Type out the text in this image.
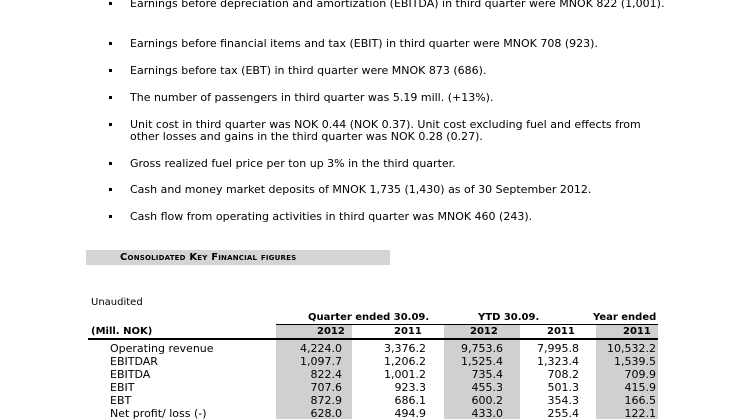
Earnings before depreciation and amortization (EBITDA) in third quarter were MNOK 822 (1,001).
Earnings before financial items and tax (EBIT) in third quarter were MNOK 708 (923).
Earnings before tax (EBT) in third quarter were MNOK 873 (686).
The number of passengers in third quarter was 5.19 mill. (+13%).
Unit cost in third quarter was NOK 0.44 (NOK 0.37). Unit cost excluding fuel and effects from other losses and gains in the third quarter was NOK 0.28 (0.27).
Gross realized fuel price per ton up 3% in the third quarter.
Cash and money market deposits of MNOK 1,735 (1,430) as of 30 September 2012.
Cash flow from operating activities in third quarter was MNOK 460 (243).
Consolidated Key Financial figures
Unaudited
Quarter ended 30.09.	YTD 30.09.	Year ended
(Mill. NOK)	2012	2011	2012	2011	2011
Operating revenue	4,224.0	3,376.2	9,753.6	7,995.8	10,532.2
EBITDAR	1,097.7	1,206.2	1,525.4	1,323.4	1,539.5
EBITDA	822.4	1,001.2	735.4	708.2	709.9
EBIT	707.6	923.3	455.3	501.3	415.9
EBT	872.9	686.1	600.2	354.3	166.5
Net profit/ loss (-)	628.0	494.9	433.0	255.4	122.1
